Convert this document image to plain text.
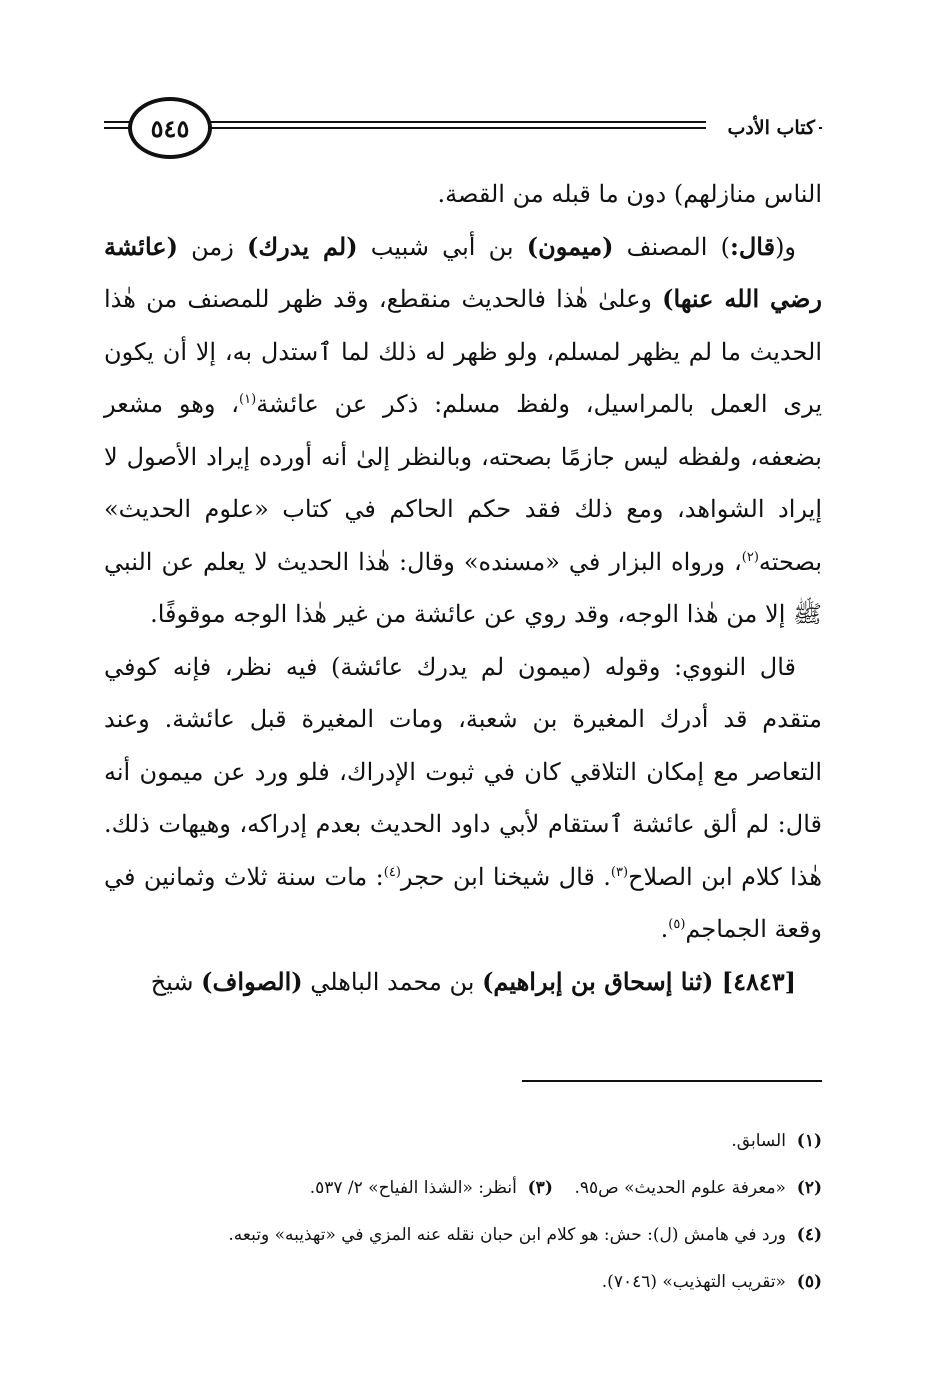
٥٤٥	كتاب الأدب

الناس منازلهم) دون ما قبله من القصة.

و(قال:) المصنف (ميمون) بن أبي شبيب (لم يدرك) زمن (عائشة رضي الله عنها) وعلىٰ هٰذا فالحديث منقطع، وقد ظهر للمصنف من هٰذا الحديث ما لم يظهر لمسلم، ولو ظهر له ذلك لما ٱستدل به، إلا أن يكون يرى العمل بالمراسيل، ولفظ مسلم: ذكر عن عائشة$^{(١)}$، وهو مشعر بضعفه، ولفظه ليس جازمًا بصحته، وبالنظر إلىٰ أنه أورده إيراد الأصول لا إيراد الشواهد، ومع ذلك فقد حكم الحاكم في كتاب «علوم الحديث» بصحته$^{(٢)}$، ورواه البزار في «مسنده» وقال: هٰذا الحديث لا يعلم عن النبي ﷺ إلا من هٰذا الوجه، وقد روي عن عائشة من غير هٰذا الوجه موقوفًا.

قال النووي: وقوله (ميمون لم يدرك عائشة) فيه نظر، فإنه كوفي متقدم قد أدرك المغيرة بن شعبة، ومات المغيرة قبل عائشة. وعند التعاصر مع إمكان التلاقي كان في ثبوت الإدراك، فلو ورد عن ميمون أنه قال: لم ألق عائشة ٱستقام لأبي داود الحديث بعدم إدراكه، وهيهات ذلك. هٰذا كلام ابن الصلاح$^{(٣)}$. قال شيخنا ابن حجر$^{(٤)}$: مات سنة ثلاث وثمانين في وقعة الجماجم$^{(٥)}$.

[٤٨٤٣] (ثنا إسحاق بن إبراهيم) بن محمد الباهلي (الصواف) شيخ

(١)  السابق.

(٢)  «معرفة علوم الحديث» ص٩٥.    (٣)  أنظر: «الشذا الفياح» ٢/ ٥٣٧.

(٤)  ورد في هامش (ل): حش: هو كلام ابن حبان نقله عنه المزي في «تهذيبه» وتبعه.

(٥)  «تقريب التهذيب» (٧٠٤٦).
